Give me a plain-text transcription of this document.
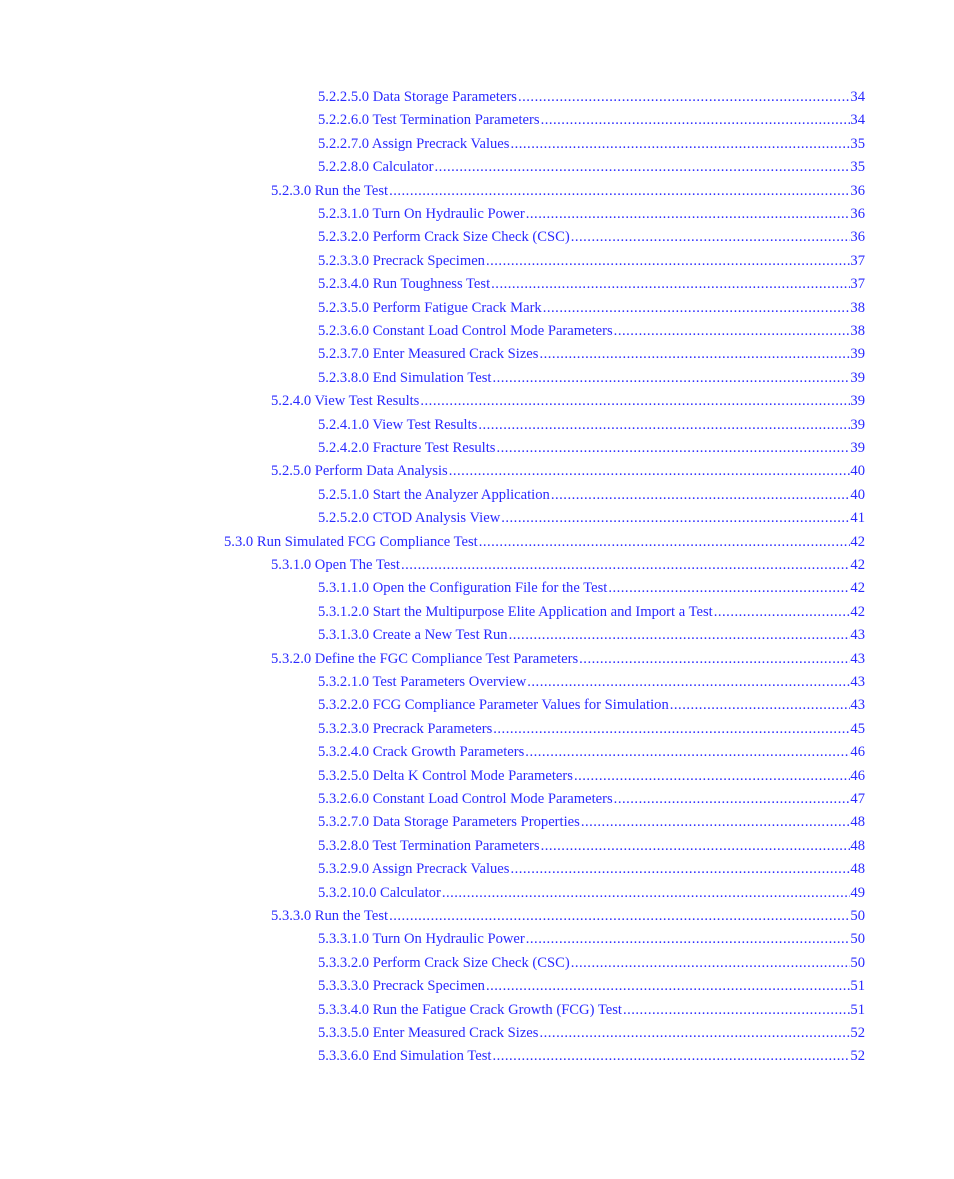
5.2.2.5.0 Data Storage Parameters .....	34
5.2.2.6.0 Test Termination Parameters .....	34
5.2.2.7.0 Assign Precrack Values .....	35
5.2.2.8.0 Calculator .....	35
5.2.3.0 Run the Test .....	36
5.2.3.1.0 Turn On Hydraulic Power .....	36
5.2.3.2.0 Perform Crack Size Check (CSC) .....	36
5.2.3.3.0 Precrack Specimen .....	37
5.2.3.4.0 Run Toughness Test .....	37
5.2.3.5.0 Perform Fatigue Crack Mark .....	38
5.2.3.6.0 Constant Load Control Mode Parameters .....	38
5.2.3.7.0 Enter Measured Crack Sizes .....	39
5.2.3.8.0 End Simulation Test .....	39
5.2.4.0 View Test Results .....	39
5.2.4.1.0 View Test Results .....	39
5.2.4.2.0 Fracture Test Results .....	39
5.2.5.0 Perform Data Analysis .....	40
5.2.5.1.0 Start the Analyzer Application .....	40
5.2.5.2.0 CTOD Analysis View .....	41
5.3.0 Run Simulated FCG Compliance Test .....	42
5.3.1.0 Open The Test .....	42
5.3.1.1.0 Open the Configuration File for the Test .....	42
5.3.1.2.0 Start the Multipurpose Elite Application and Import a Test .....	42
5.3.1.3.0 Create a New Test Run .....	43
5.3.2.0 Define the FGC Compliance Test Parameters .....	43
5.3.2.1.0 Test Parameters Overview .....	43
5.3.2.2.0 FCG Compliance Parameter Values for Simulation .....	43
5.3.2.3.0 Precrack Parameters .....	45
5.3.2.4.0 Crack Growth Parameters .....	46
5.3.2.5.0 Delta K Control Mode Parameters .....	46
5.3.2.6.0 Constant Load Control Mode Parameters .....	47
5.3.2.7.0 Data Storage Parameters Properties .....	48
5.3.2.8.0 Test Termination Parameters .....	48
5.3.2.9.0 Assign Precrack Values .....	48
5.3.2.10.0 Calculator .....	49
5.3.3.0 Run the Test .....	50
5.3.3.1.0 Turn On Hydraulic Power .....	50
5.3.3.2.0 Perform Crack Size Check (CSC) .....	50
5.3.3.3.0 Precrack Specimen .....	51
5.3.3.4.0 Run the Fatigue Crack Growth (FCG) Test .....	51
5.3.3.5.0 Enter Measured Crack Sizes .....	52
5.3.3.6.0 End Simulation Test .....	52
